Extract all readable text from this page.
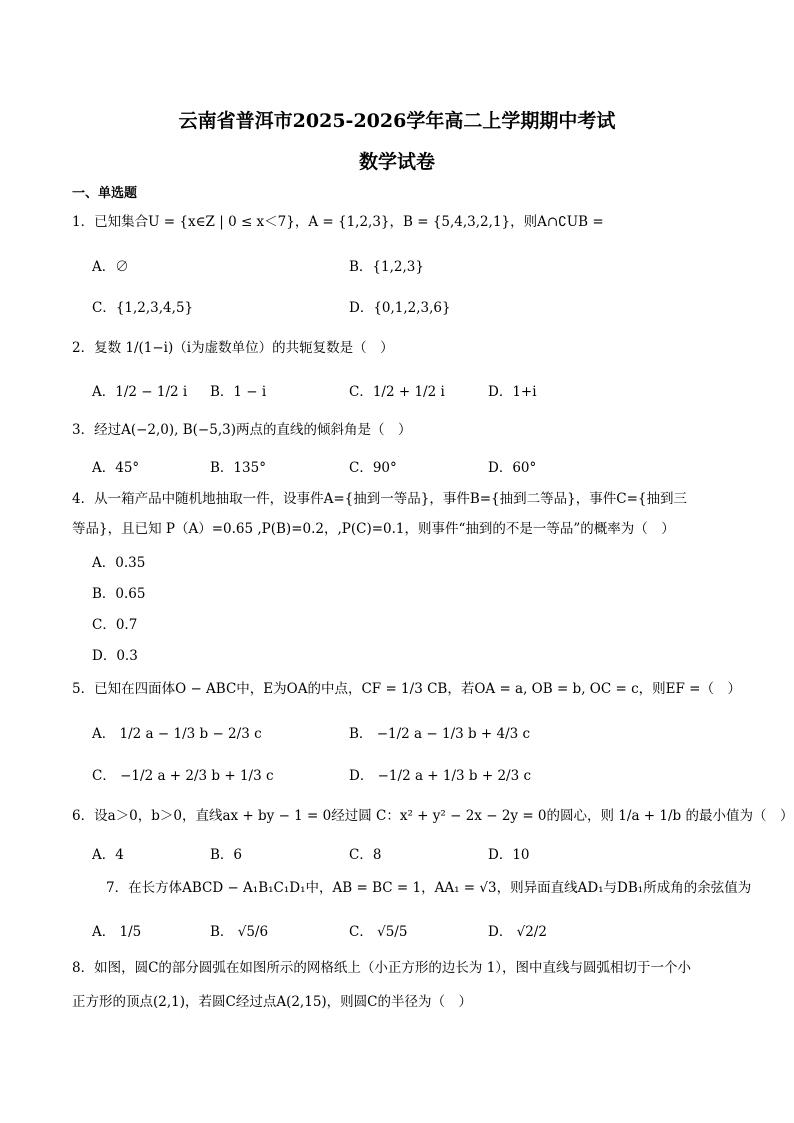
云南省普洱市2025-2026学年高二上学期期中考试
数学试卷
一、单选题
1．已知集合U = {x∈Z | 0 ≤ x＜7}，A = {1,2,3}，B = {5,4,3,2,1}，则A∩∁UB =
A．∅	B．{1,2,3}
C．{1,2,3,4,5}	D．{0,1,2,3,6}
2．复数 1/(1−i)（i为虚数单位）的共轭复数是（　）
A．1/2 − 1/2 i B．1 − i	C．1/2 + 1/2 i	D．1+i
3．经过A(−2,0), B(−5,3)两点的直线的倾斜角是（　）
A．45°	B．135°	C．90°	D．60°
4．从一箱产品中随机地抽取一件，设事件A={抽到一等品}，事件B={抽到二等品}，事件C={抽到三
等品}，且已知 P（A）=0.65 ,P(B)=0.2，,P(C)=0.1，则事件“抽到的不是一等品”的概率为（　）
A．0.35
B．0.65
C．0.7
D．0.3
5．已知在四面体O − ABC中，E为OA的中点，CF = 1/3 CB，若OA = a, OB = b, OC = c，则EF =（　）
A． 1/2 a − 1/3 b − 2/3 c	B． −1/2 a − 1/3 b + 4/3 c
C． −1/2 a + 2/3 b + 1/3 c	D． −1/2 a + 1/3 b + 2/3 c
6．设a＞0，b＞0，直线ax + by − 1 = 0经过圆 C：x² + y² − 2x − 2y = 0的圆心，则 1/a + 1/b 的最小值为（　）
A．4	B．6	C．8	D．10
7．在长方体ABCD − A₁B₁C₁D₁中，AB = BC = 1，AA₁ = √3，则异面直线AD₁与DB₁所成角的余弦值为
A． 1/5	B． √5/6	C． √5/5	D． √2/2
8．如图，圆C的部分圆弧在如图所示的网格纸上（小正方形的边长为 1），图中直线与圆弧相切于一个小
正方形的顶点(2,1)，若圆C经过点A(2,15)，则圆C的半径为（　）
